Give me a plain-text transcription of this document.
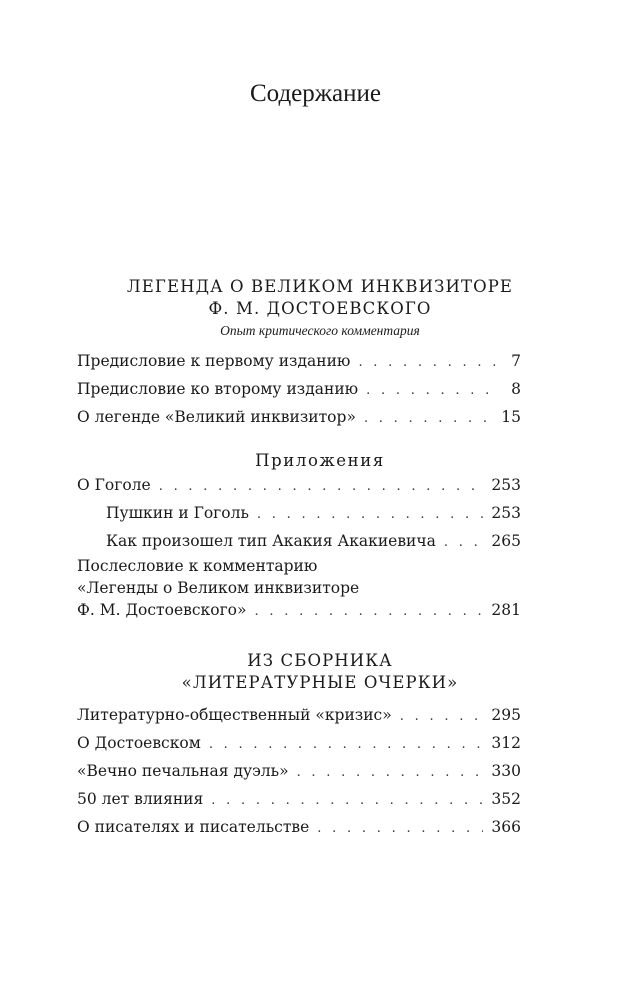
Содержание
ЛЕГЕНДА О ВЕЛИКОМ ИНКВИЗИТОРЕ
Ф. М. ДОСТОЕВСКОГО
Опыт критического комментария
Предисловие к первому изданию . . .	7
Предисловие ко второму изданию . . .	8
О легенде «Великий инквизитор» . . .	15
Приложения
О Гоголе . . .	253
Пушкин и Гоголь . . .	253
Как произошел тип Акакия Акакиевича . . .	265
Послесловие к комментарию
«Легенды о Великом инквизиторе
Ф. М. Достоевского» . . .	281
ИЗ СБОРНИКА
«ЛИТЕРАТУРНЫЕ ОЧЕРКИ»
Литературно-общественный «кризис» . . .	295
О Достоевском . . .	312
«Вечно печальная дуэль» . . .	330
50 лет влияния . . .	352
О писателях и писательстве . . .	366
